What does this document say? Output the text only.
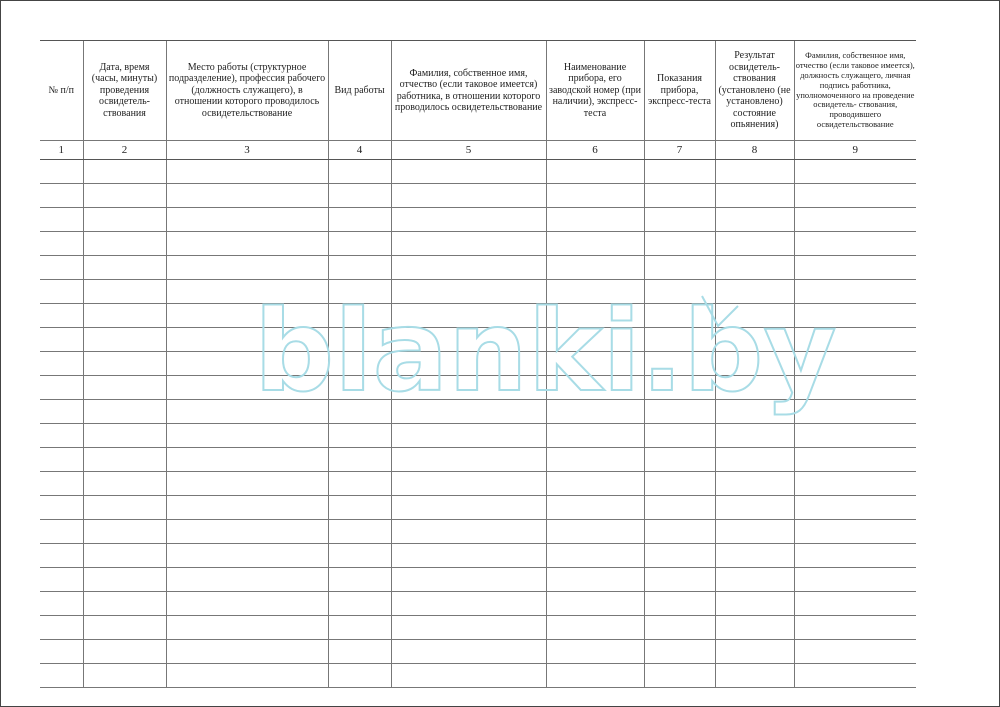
№ п/п	Дата, время (часы, минуты) проведения освидетель- ствования	Место работы (структурное подразделение), профессия рабочего (должность служащего), в отношении которого проводилось освидетельствование	Вид работы	Фамилия, собственное имя, отчество (если таковое имеется) работника, в отношении которого проводилось освидетельствование	Наименование прибора, его заводской номер (при наличии), экспресс-теста	Показания прибора, экспресс-теста	Результат освидетель- ствования (установлено (не установлено) состояние опьянения)	Фамилия, собственное имя, отчество (если таковое имеется), должность служащего, личная подпись работника, уполномоченного на проведение освидетель- ствования, проводившего освидетельствование
1	2	3	4	5	6	7	8	9

blanki.by
